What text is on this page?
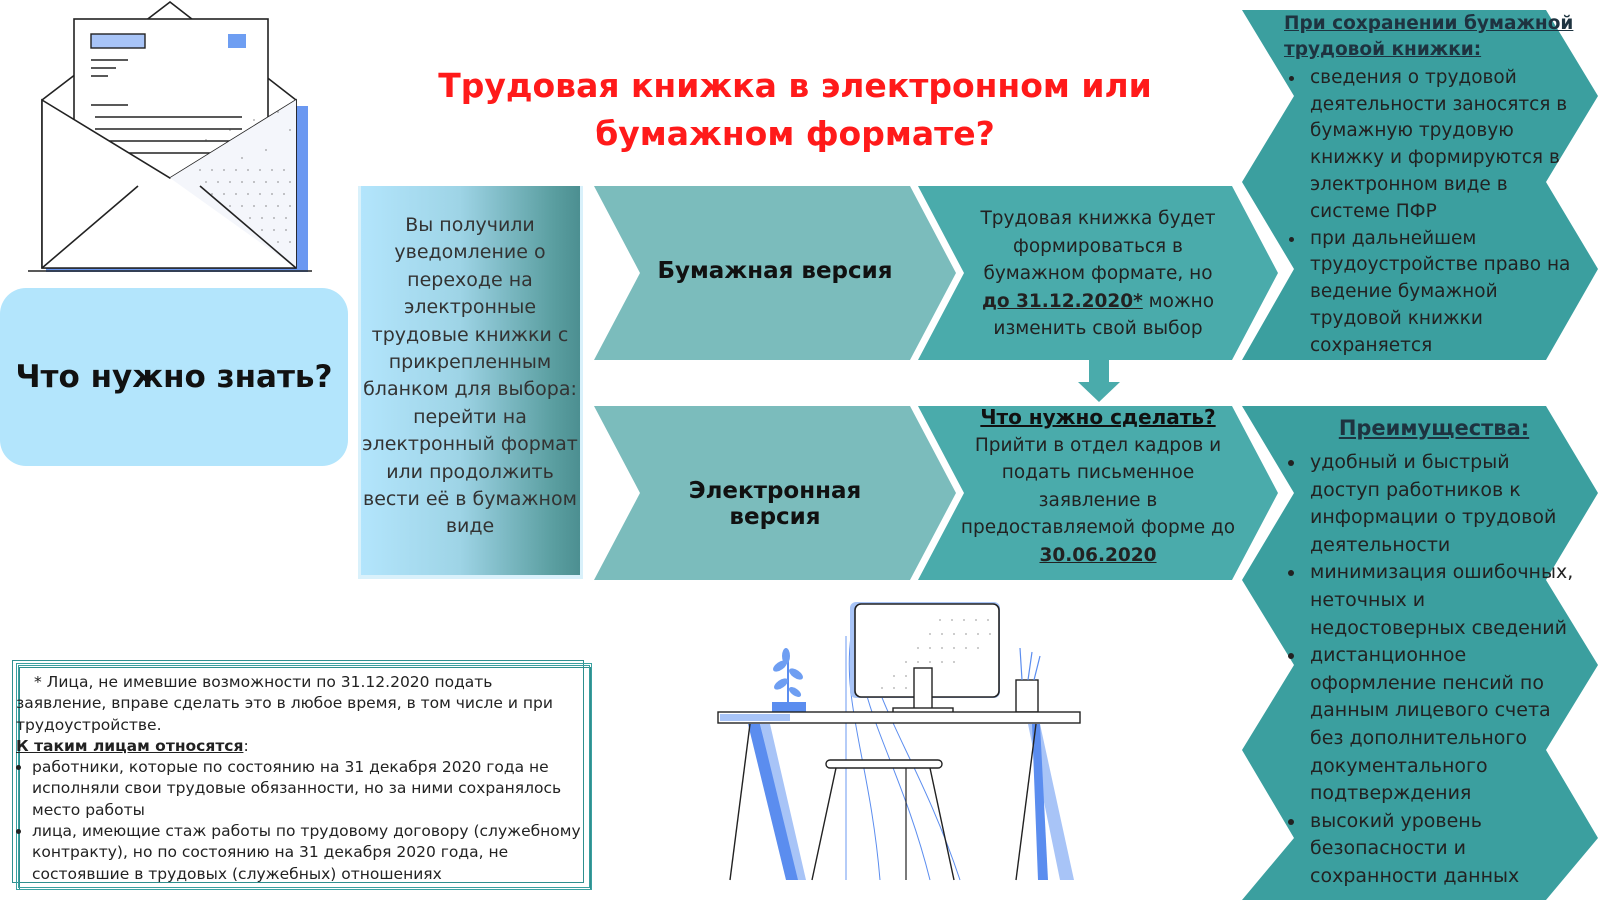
Трудовая книжка в электронном или
бумажном формате?
Что нужно знать?

Вы получили уведомление о переходе на электронные трудовые книжки с прикрепленным бланком для выбора: перейти на электронный формат или продолжить вести её в бумажном виде

Бумажная версия
Трудовая книжка будет формироваться в бумажном формате, но
до 31.12.2020* можно изменить свой выбор
При сохранении бумажной трудовой книжки:
• сведения о трудовой деятельности заносятся в бумажную трудовую книжку и формируются в электронном виде в системе ПФР
• при дальнейшем трудоустройстве право на ведение бумажной трудовой книжки сохраняется
Электронная версия
Что нужно сделать?
Прийти в отдел кадров и подать письменное заявление в предоставляемой форме до
30.06.2020
Преимущества:
• удобный и быстрый доступ работников к информации о трудовой деятельности
• минимизация ошибочных, неточных и недостоверных сведений
• дистанционное оформление пенсий по данным лицевого счета без дополнительного документального подтверждения
• высокий уровень безопасности и сохранности данных

* Лица, не имевшие возможности по 31.12.2020 подать заявление, вправе сделать это в любое время, в том числе и при трудоустройстве.

К таким лицам относятся:

• работники, которые по состоянию на 31 декабря 2020 года не исполняли свои трудовые обязанности, но за ними сохранялось место работы
• лица, имеющие стаж работы по трудовому договору (служебному контракту), но по состоянию на 31 декабря 2020 года, не состоявшие в трудовых (служебных) отношениях
